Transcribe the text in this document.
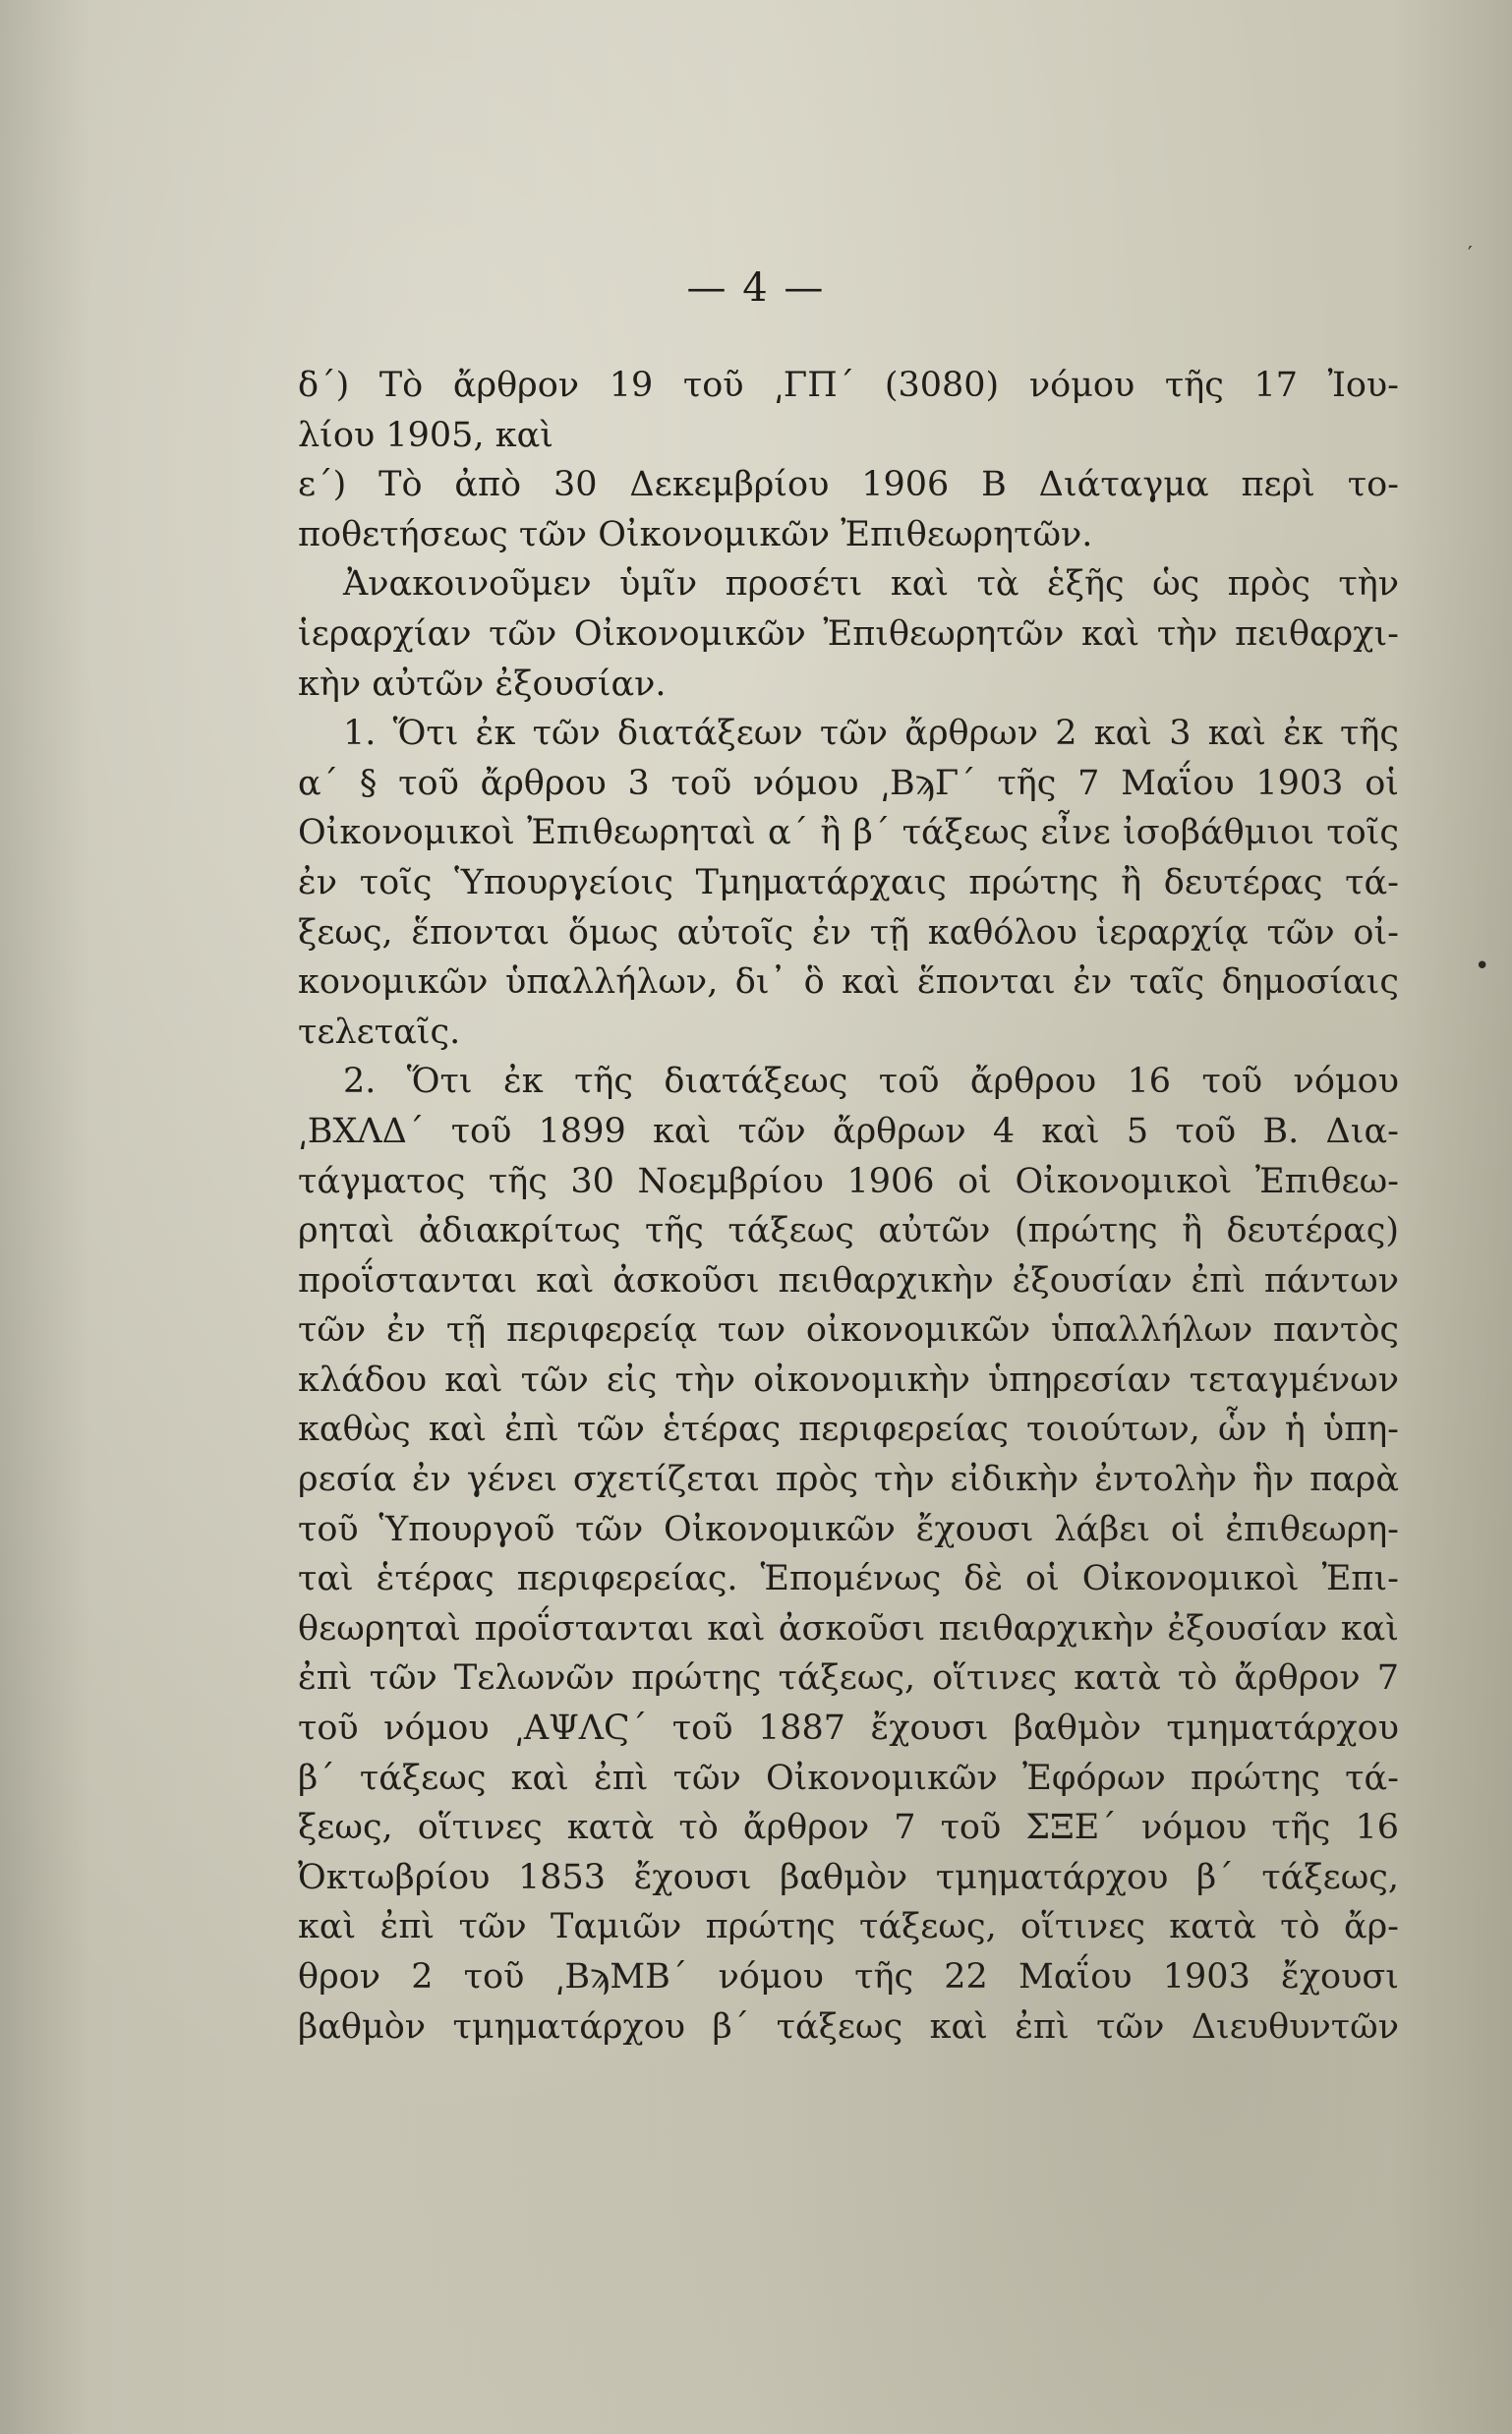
— 4 —
δ΄) Τὸ ἄρθρον 19 τοῦ ͵ΓΠ΄ (3080) νόμου τῆς 17 Ἰου-
λίου 1905, καὶ
ε΄) Τὸ ἀπὸ 30 Δεκεμβρίου 1906 Β Διάταγμα περὶ το-
ποθετήσεως τῶν Οἰκονομικῶν Ἐπιθεωρητῶν.
Ἀνακοινοῦμεν ὑμῖν προσέτι καὶ τὰ ἑξῆς ὡς πρὸς τὴν
ἱεραρχίαν τῶν Οἰκονομικῶν Ἐπιθεωρητῶν καὶ τὴν πειθαρχι-
κὴν αὐτῶν ἐξουσίαν.
1. Ὅτι ἐκ τῶν διατάξεων τῶν ἄρθρων 2 καὶ 3 καὶ ἐκ τῆς
α΄ § τοῦ ἄρθρου 3 τοῦ νόμου ͵ΒϡΓ΄ τῆς 7 Μαΐου 1903 οἱ
Οἰκονομικοὶ Ἐπιθεωρηταὶ α΄ ἢ β΄ τάξεως εἶνε ἰσοβάθμιοι τοῖς
ἐν τοῖς Ὑπουργείοις Τμηματάρχαις πρώτης ἢ δευτέρας τά-
ξεως, ἕπονται ὅμως αὐτοῖς ἐν τῇ καθόλου ἱεραρχίᾳ τῶν οἰ-
κονομικῶν ὑπαλλήλων, δι᾽ ὃ καὶ ἕπονται ἐν ταῖς δημοσίαις
τελεταῖς.
2. Ὅτι ἐκ τῆς διατάξεως τοῦ ἄρθρου 16 τοῦ νόμου
͵ΒΧΛΔ΄ τοῦ 1899 καὶ τῶν ἄρθρων 4 καὶ 5 τοῦ Β. Δια-
τάγματος τῆς 30 Νοεμβρίου 1906 οἱ Οἰκονομικοὶ Ἐπιθεω-
ρηταὶ ἀδιακρίτως τῆς τάξεως αὐτῶν (πρώτης ἢ δευτέρας)
προΐστανται καὶ ἀσκοῦσι πειθαρχικὴν ἐξουσίαν ἐπὶ πάντων
τῶν ἐν τῇ περιφερείᾳ των οἰκονομικῶν ὑπαλλήλων παντὸς
κλάδου καὶ τῶν εἰς τὴν οἰκονομικὴν ὑπηρεσίαν τεταγμένων
καθὼς καὶ ἐπὶ τῶν ἑτέρας περιφερείας τοιούτων, ὧν ἡ ὑπη-
ρεσία ἐν γένει σχετίζεται πρὸς τὴν εἰδικὴν ἐντολὴν ἣν παρὰ
τοῦ Ὑπουργοῦ τῶν Οἰκονομικῶν ἔχουσι λάβει οἱ ἐπιθεωρη-
ταὶ ἑτέρας περιφερείας. Ἑπομένως δὲ οἱ Οἰκονομικοὶ Ἐπι-
θεωρηταὶ προΐστανται καὶ ἀσκοῦσι πειθαρχικὴν ἐξουσίαν καὶ
ἐπὶ τῶν Τελωνῶν πρώτης τάξεως, οἵτινες κατὰ τὸ ἄρθρον 7
τοῦ νόμου ͵ΑΨΛϚ΄ τοῦ 1887 ἔχουσι βαθμὸν τμηματάρχου
β΄ τάξεως καὶ ἐπὶ τῶν Οἰκονομικῶν Ἐφόρων πρώτης τά-
ξεως, οἵτινες κατὰ τὸ ἄρθρον 7 τοῦ ΣΞΕ΄ νόμου τῆς 16
Ὀκτωβρίου 1853 ἔχουσι βαθμὸν τμηματάρχου β΄ τάξεως,
καὶ ἐπὶ τῶν Ταμιῶν πρώτης τάξεως, οἵτινες κατὰ τὸ ἄρ-
θρον 2 τοῦ ͵ΒϡΜΒ΄ νόμου τῆς 22 Μαΐου 1903 ἔχουσι
βαθμὸν τμηματάρχου β΄ τάξεως καὶ ἐπὶ τῶν Διευθυντῶν
′
•
